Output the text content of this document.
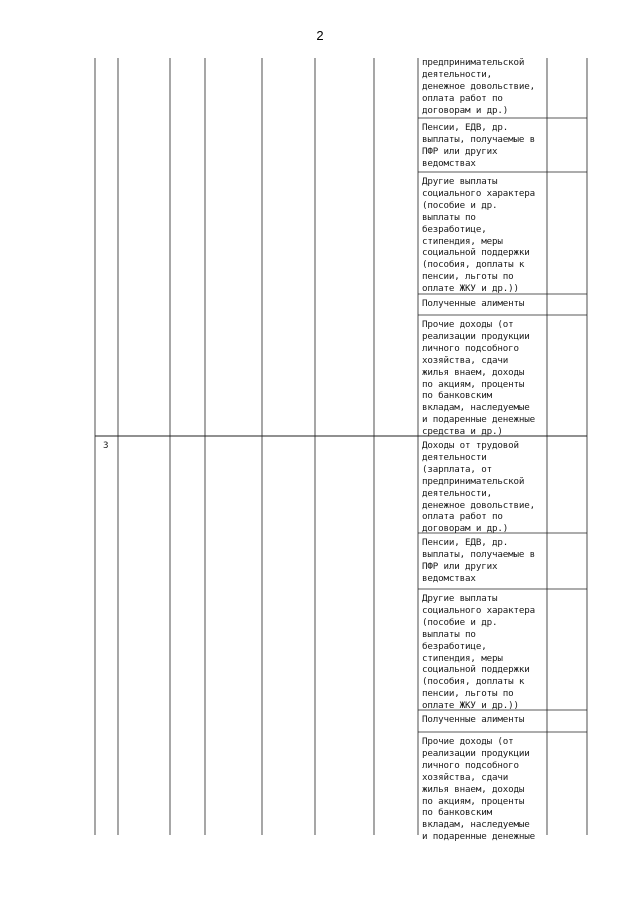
2
предпринимательской
деятельности,
денежное довольствие,
оплата работ по
договорам и др.)
Пенсии, ЕДВ, др.
выплаты, получаемые в
ПФР или других
ведомствах
Другие выплаты
социального характера
(пособие и др.
выплаты по
безработице,
стипендия, меры
социальной поддержки
(пособия, доплаты к
пенсии, льготы по
оплате ЖКУ и др.))
Полученные алименты
Прочие доходы (от
реализации продукции
личного подсобного
хозяйства, сдачи
жилья внаем, доходы
по акциям, проценты
по банковским
вкладам, наследуемые
и подаренные денежные
средства и др.)
3	Доходы от трудовой
деятельности
(зарплата, от
предпринимательской
деятельности,
денежное довольствие,
оплата работ по
договорам и др.)
Пенсии, ЕДВ, др.
выплаты, получаемые в
ПФР или других
ведомствах
Другие выплаты
социального характера
(пособие и др.
выплаты по
безработице,
стипендия, меры
социальной поддержки
(пособия, доплаты к
пенсии, льготы по
оплате ЖКУ и др.))
Полученные алименты
Прочие доходы (от
реализации продукции
личного подсобного
хозяйства, сдачи
жилья внаем, доходы
по акциям, проценты
по банковским
вкладам, наследуемые
и подаренные денежные
